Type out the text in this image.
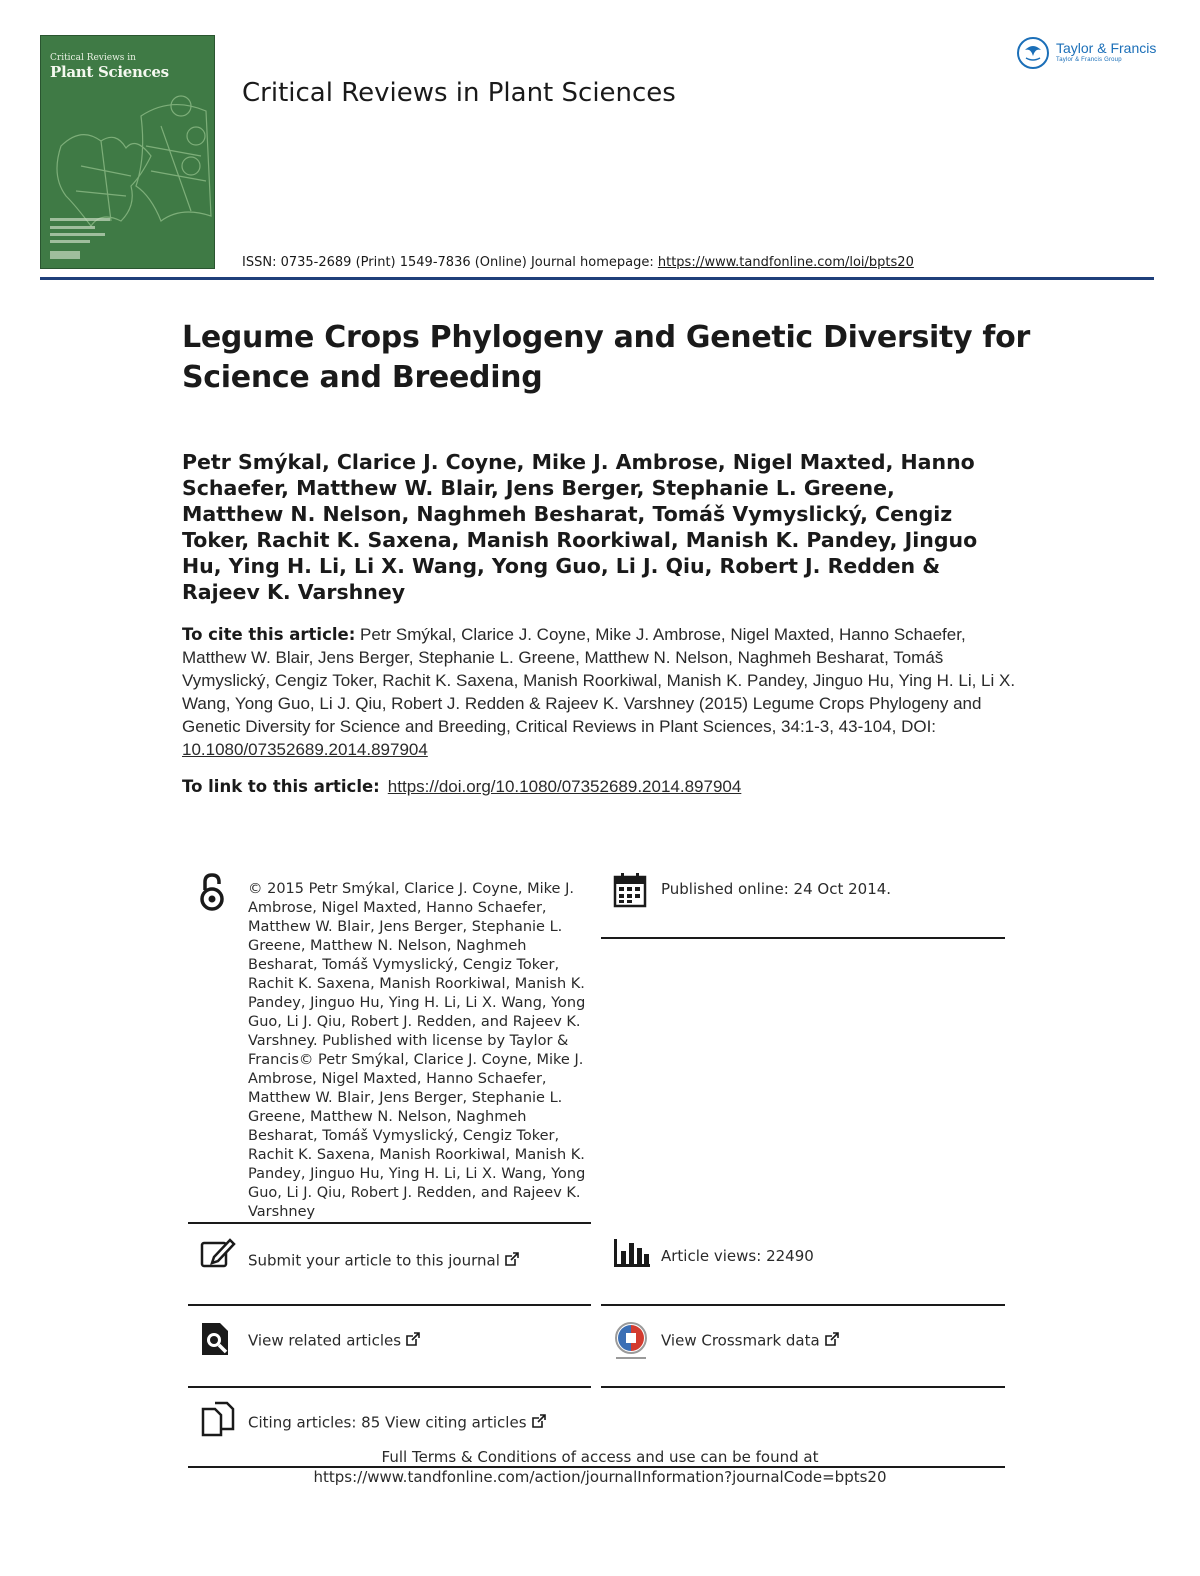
Critical Reviews in
Plant Sciences
Critical Reviews in Plant Sciences
Taylor & Francis
Taylor & Francis Group
ISSN: 0735-2689 (Print) 1549-7836 (Online) Journal homepage: https://www.tandfonline.com/loi/bpts20
Legume Crops Phylogeny and Genetic Diversity for Science and Breeding
Petr Smýkal, Clarice J. Coyne, Mike J. Ambrose, Nigel Maxted, Hanno Schaefer, Matthew W. Blair, Jens Berger, Stephanie L. Greene, Matthew N. Nelson, Naghmeh Besharat, Tomáš Vymyslický, Cengiz Toker, Rachit K. Saxena, Manish Roorkiwal, Manish K. Pandey, Jinguo Hu, Ying H. Li, Li X. Wang, Yong Guo, Li J. Qiu, Robert J. Redden & Rajeev K. Varshney
To cite this article: Petr Smýkal, Clarice J. Coyne, Mike J. Ambrose, Nigel Maxted, Hanno Schaefer, Matthew W. Blair, Jens Berger, Stephanie L. Greene, Matthew N. Nelson, Naghmeh Besharat, Tomáš Vymyslický, Cengiz Toker, Rachit K. Saxena, Manish Roorkiwal, Manish K. Pandey, Jinguo Hu, Ying H. Li, Li X. Wang, Yong Guo, Li J. Qiu, Robert J. Redden & Rajeev K. Varshney (2015) Legume Crops Phylogeny and Genetic Diversity for Science and Breeding, Critical Reviews in Plant Sciences, 34:1-3, 43-104, DOI: 10.1080/07352689.2014.897904
To link to this article: https://doi.org/10.1080/07352689.2014.897904
© 2015 Petr Smýkal, Clarice J. Coyne, Mike J. Ambrose, Nigel Maxted, Hanno Schaefer, Matthew W. Blair, Jens Berger, Stephanie L. Greene, Matthew N. Nelson, Naghmeh Besharat, Tomáš Vymyslický, Cengiz Toker, Rachit K. Saxena, Manish Roorkiwal, Manish K. Pandey, Jinguo Hu, Ying H. Li, Li X. Wang, Yong Guo, Li J. Qiu, Robert J. Redden, and Rajeev K. Varshney. Published with license by Taylor & Francis© Petr Smýkal, Clarice J. Coyne, Mike J. Ambrose, Nigel Maxted, Hanno Schaefer, Matthew W. Blair, Jens Berger, Stephanie L. Greene, Matthew N. Nelson, Naghmeh Besharat, Tomáš Vymyslický, Cengiz Toker, Rachit K. Saxena, Manish Roorkiwal, Manish K. Pandey, Jinguo Hu, Ying H. Li, Li X. Wang, Yong Guo, Li J. Qiu, Robert J. Redden, and Rajeev K. Varshney
Published online: 24 Oct 2014.
Submit your article to this journal	Article views: 22490
View related articles	View Crossmark data
Citing articles: 85 View citing articles
Full Terms & Conditions of access and use can be found at
https://www.tandfonline.com/action/journalInformation?journalCode=bpts20
